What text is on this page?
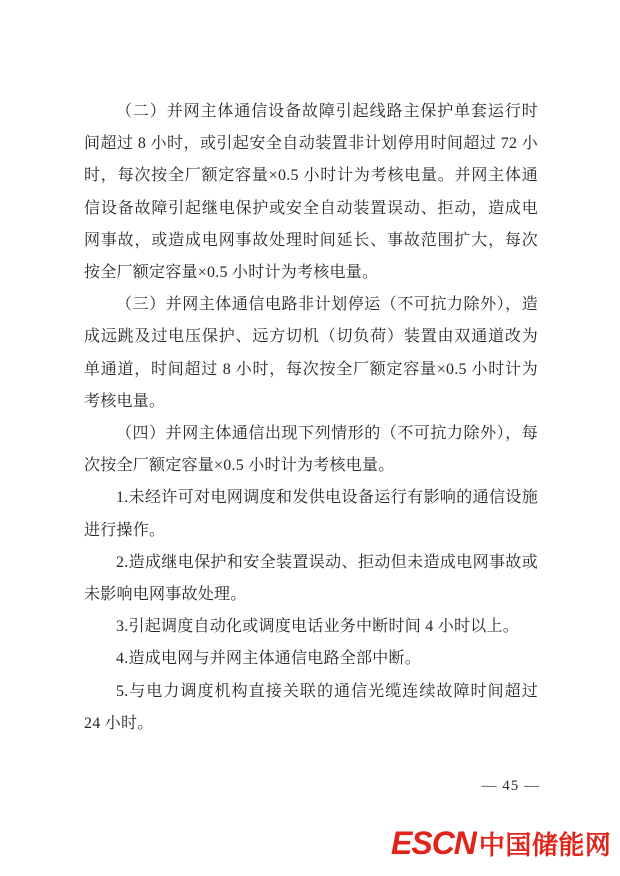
（二）并网主体通信设备故障引起线路主保护单套运行时间超过 8 小时，或引起安全自动装置非计划停用时间超过 72 小时，每次按全厂额定容量×0.5 小时计为考核电量。并网主体通信设备故障引起继电保护或安全自动装置误动、拒动，造成电网事故，或造成电网事故处理时间延长、事故范围扩大，每次按全厂额定容量×0.5 小时计为考核电量。

（三）并网主体通信电路非计划停运（不可抗力除外），造成远跳及过电压保护、远方切机（切负荷）装置由双通道改为单通道，时间超过 8 小时，每次按全厂额定容量×0.5 小时计为考核电量。

（四）并网主体通信出现下列情形的（不可抗力除外），每次按全厂额定容量×0.5 小时计为考核电量。

1.未经许可对电网调度和发供电设备运行有影响的通信设施进行操作。

2.造成继电保护和安全装置误动、拒动但未造成电网事故或未影响电网事故处理。

3.引起调度自动化或调度电话业务中断时间 4 小时以上。

4.造成电网与并网主体通信电路全部中断。

5.与电力调度机构直接关联的通信光缆连续故障时间超过 24 小时。

— 45 —
ESCN 中国储能网
